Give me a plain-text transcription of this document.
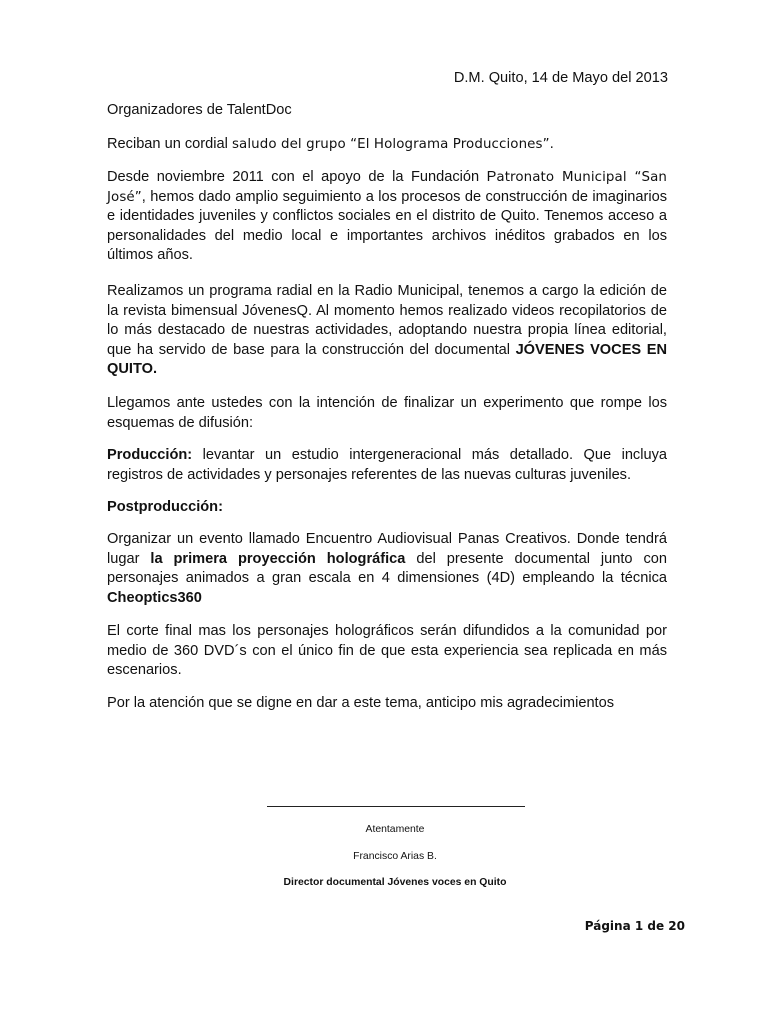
D.M. Quito, 14 de Mayo del 2013

Organizadores de TalentDoc

Reciban un cordial saludo del grupo “El Holograma Producciones”.

Desde noviembre 2011 con el apoyo de la Fundación Patronato Municipal “San José”, hemos dado amplio seguimiento a los procesos de construcción de imaginarios e identidades juveniles y conflictos sociales en el distrito de Quito. Tenemos acceso a personalidades del medio local e importantes archivos inéditos grabados en los últimos años.

Realizamos un programa radial en la Radio Municipal, tenemos a cargo la edición de la revista bimensual JóvenesQ. Al momento hemos realizado videos recopilatorios de lo más destacado de nuestras actividades, adoptando nuestra propia línea editorial, que ha servido de base para la construcción del documental JÓVENES VOCES EN QUITO.

Llegamos ante ustedes con la intención de finalizar un experimento que rompe los esquemas de difusión:

Producción: levantar un estudio intergeneracional más detallado. Que incluya registros de actividades y personajes referentes de las nuevas culturas juveniles.

Postproducción:

Organizar un evento llamado Encuentro Audiovisual Panas Creativos. Donde tendrá lugar la primera proyección holográfica del presente documental junto con personajes animados a gran escala en 4 dimensiones (4D) empleando la técnica Cheoptics360

El corte final mas los personajes holográficos serán difundidos a la comunidad por medio de 360 DVD´s con el único fin de que esta experiencia sea replicada en más escenarios.

Por la atención que se digne en dar a este tema, anticipo mis agradecimientos

Atentamente
Francisco Arias B.
Director documental Jóvenes voces en Quito
Página 1 de 20
